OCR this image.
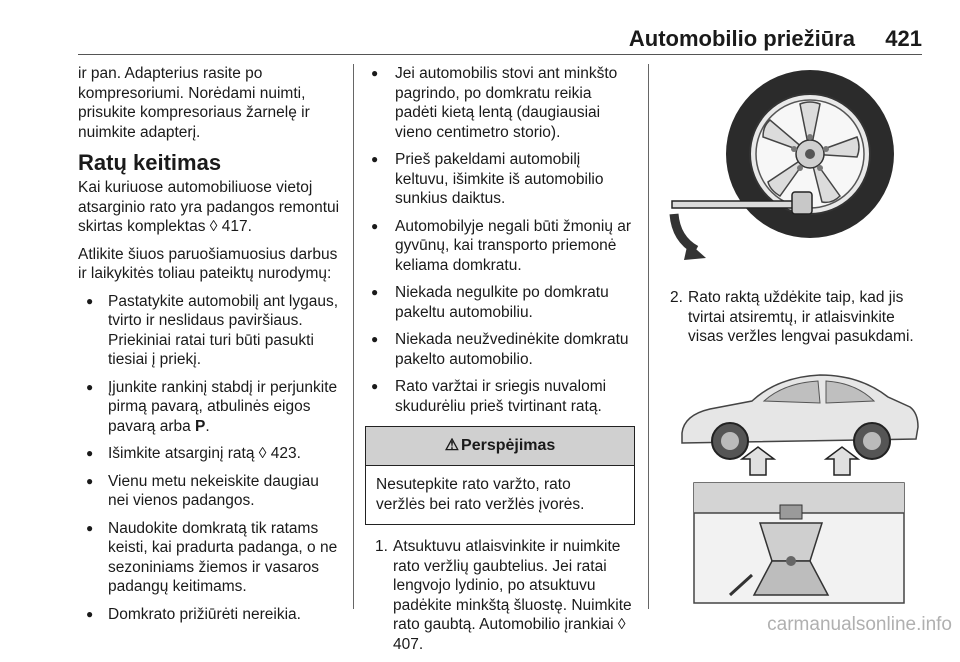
Automobilio priežiūra 421

ir pan. Adapterius rasite po kompresoriumi. Norėdami nuimti, prisukite kompresoriaus žarnelę ir nuimkite adapterį.

Ratų keitimas

Kai kuriuose automobiliuose vietoj atsarginio rato yra padangos remontui skirtas komplektas ◊ 417.

Atlikite šiuos paruošiamuosius darbus ir laikykitės toliau pateiktų nurodymų:

● Pastatykite automobilį ant lygaus, tvirto ir neslidaus paviršiaus. Priekiniai ratai turi būti pasukti tiesiai į priekį.
● Įjunkite rankinį stabdį ir perjunkite pirmą pavarą, atbulinės eigos pavarą arba P.
● Išimkite atsarginį ratą ◊ 423.
● Vienu metu nekeiskite daugiau nei vienos padangos.
● Naudokite domkratą tik ratams keisti, kai pradurta padanga, o ne sezoniniams žiemos ir vasaros padangų keitimams.
● Domkrato prižiūrėti nereikia.
● Jei automobilis stovi ant minkšto pagrindo, po domkratu reikia padėti kietą lentą (daugiausiai vieno centimetro storio).
● Prieš pakeldami automobilį keltuvu, išimkite iš automobilio sunkius daiktus.
● Automobilyje negali būti žmonių ar gyvūnų, kai transporto priemonė keliama domkratu.
● Niekada negulkite po domkratu pakeltu automobiliu.
● Niekada neužvedinėkite domkratu pakelto automobilio.
● Rato varžtai ir sriegis nuvalomi skudurėliu prieš tvirtinant ratą.
⚠ Perspėjimas
Nesutepkite rato varžto, rato veržlės bei rato veržlės įvorės.
1. Atsuktuvu atlaisvinkite ir nuimkite rato veržlių gaubtelius. Jei ratai lengvojo lydinio, po atsuktuvu padėkite minkštą šluostę. Nuimkite rato gaubtą. Automobilio įrankiai ◊ 407.
2. Rato raktą uždėkite taip, kad jis tvirtai atsiremtų, ir atlaisvinkite visas veržles lengvai pasukdami.
carmanualsonline.info
